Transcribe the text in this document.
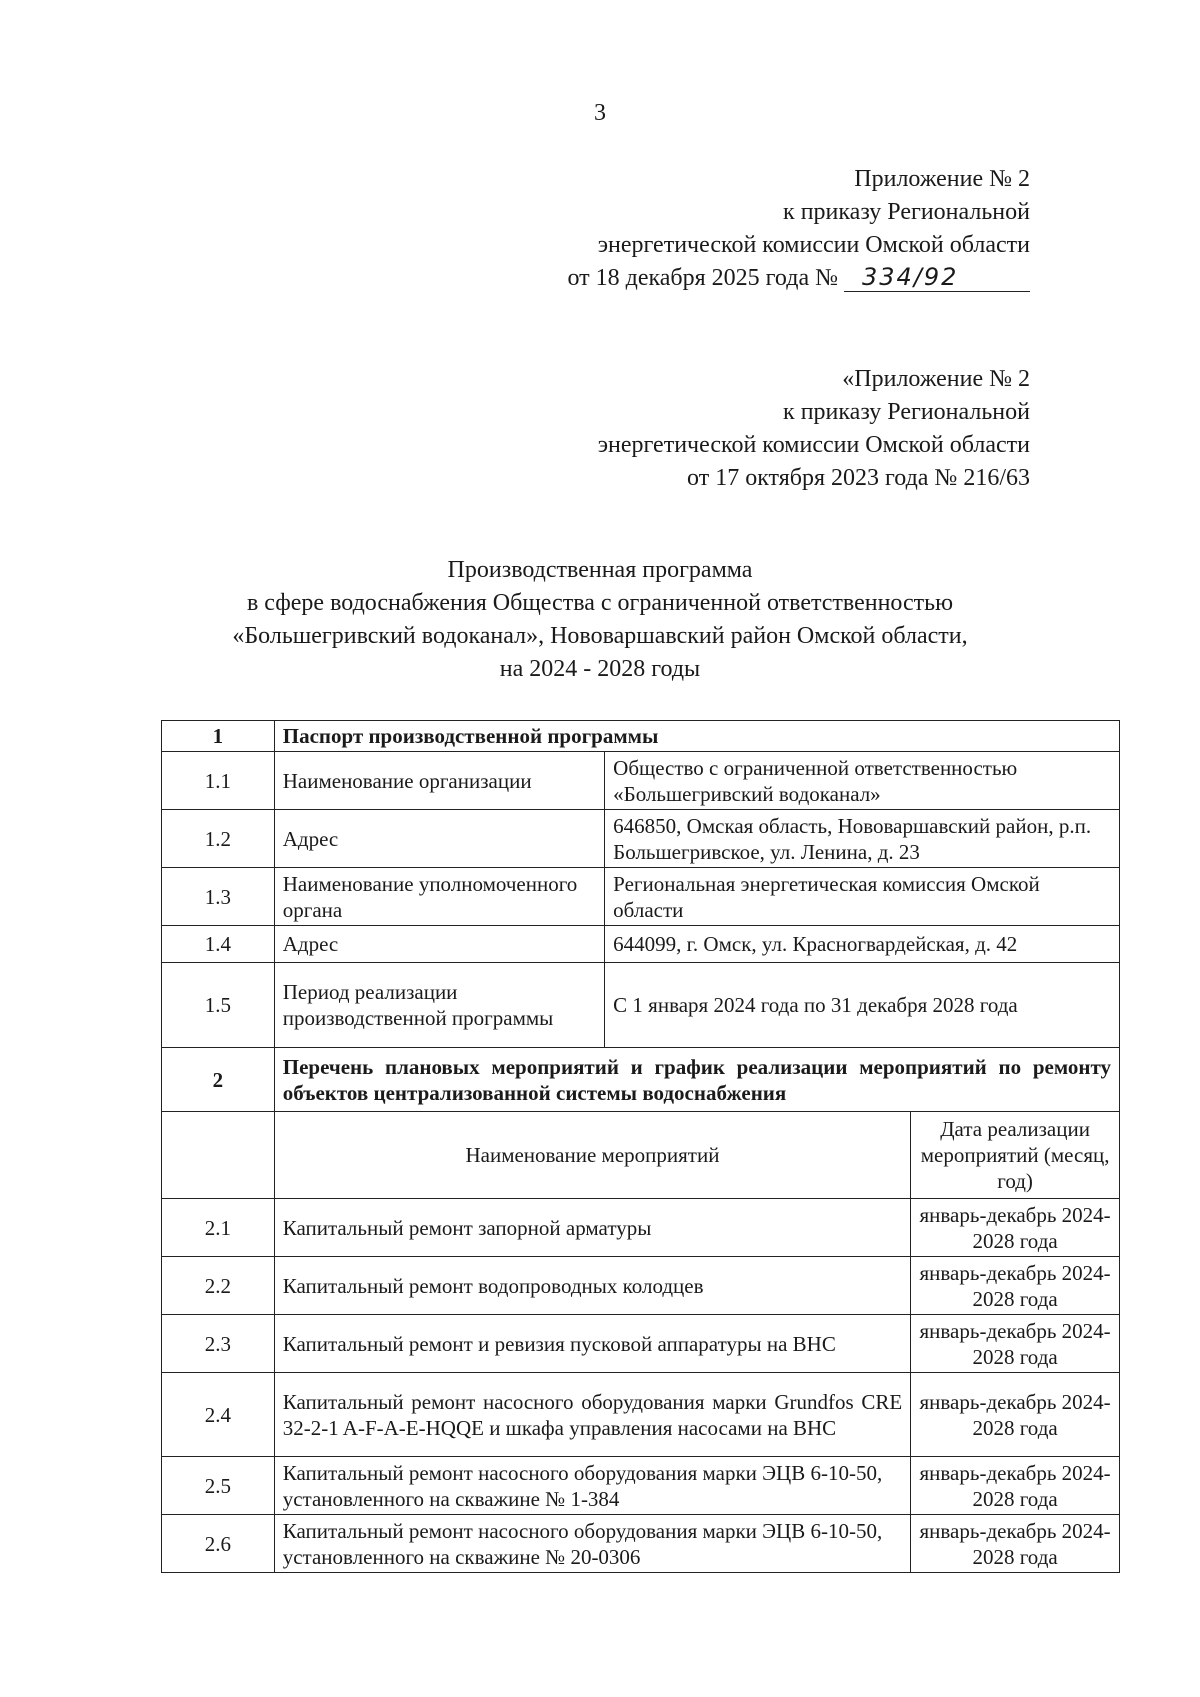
3
Приложение № 2
к приказу Региональной
энергетической комиссии Омской области
от 18 декабря 2025 года № 334/92
«Приложение № 2
к приказу Региональной
энергетической комиссии Омской области
от 17 октября 2023 года № 216/63
Производственная программа
в сфере водоснабжения Общества с ограниченной ответственностью
«Большегривский водоканал», Нововаршавский район Омской области,
на 2024 - 2028 годы
1	Паспорт производственной программы		
1.1	Наименование организации	Общество с ограниченной ответственностью «Большегривский водоканал»	
1.2	Адрес	646850, Омская область, Нововаршавский район, р.п. Большегривское, ул. Ленина, д. 23	
1.3	Наименование уполномоченного органа	Региональная энергетическая комиссия Омской области	
1.4	Адрес	644099, г. Омск, ул. Красногвардейская, д. 42	
1.5	Период реализации производственной программы	С 1 января 2024 года по 31 декабря 2028 года	
2	Перечень плановых мероприятий и график реализации мероприятий по ремонту объектов централизованной системы водоснабжения		
	Наименование мероприятий		Дата реализации мероприятий (месяц, год)
2.1	Капитальный ремонт запорной арматуры		январь-декабрь 2024-2028 года
2.2	Капитальный ремонт водопроводных колодцев		январь-декабрь 2024-2028 года
2.3	Капитальный ремонт и ревизия пусковой аппаратуры на ВНС		январь-декабрь 2024-2028 года
2.4	Капитальный ремонт насосного оборудования марки Grundfos CRE 32-2-1 A-F-A-E-HQQE и шкафа управления насосами на ВНС		январь-декабрь 2024-2028 года
2.5	Капитальный ремонт насосного оборудования марки ЭЦВ 6-10-50, установленного на скважине № 1-384		январь-декабрь 2024-2028 года
2.6	Капитальный ремонт насосного оборудования марки ЭЦВ 6-10-50, установленного на скважине № 20-0306		январь-декабрь 2024-2028 года
